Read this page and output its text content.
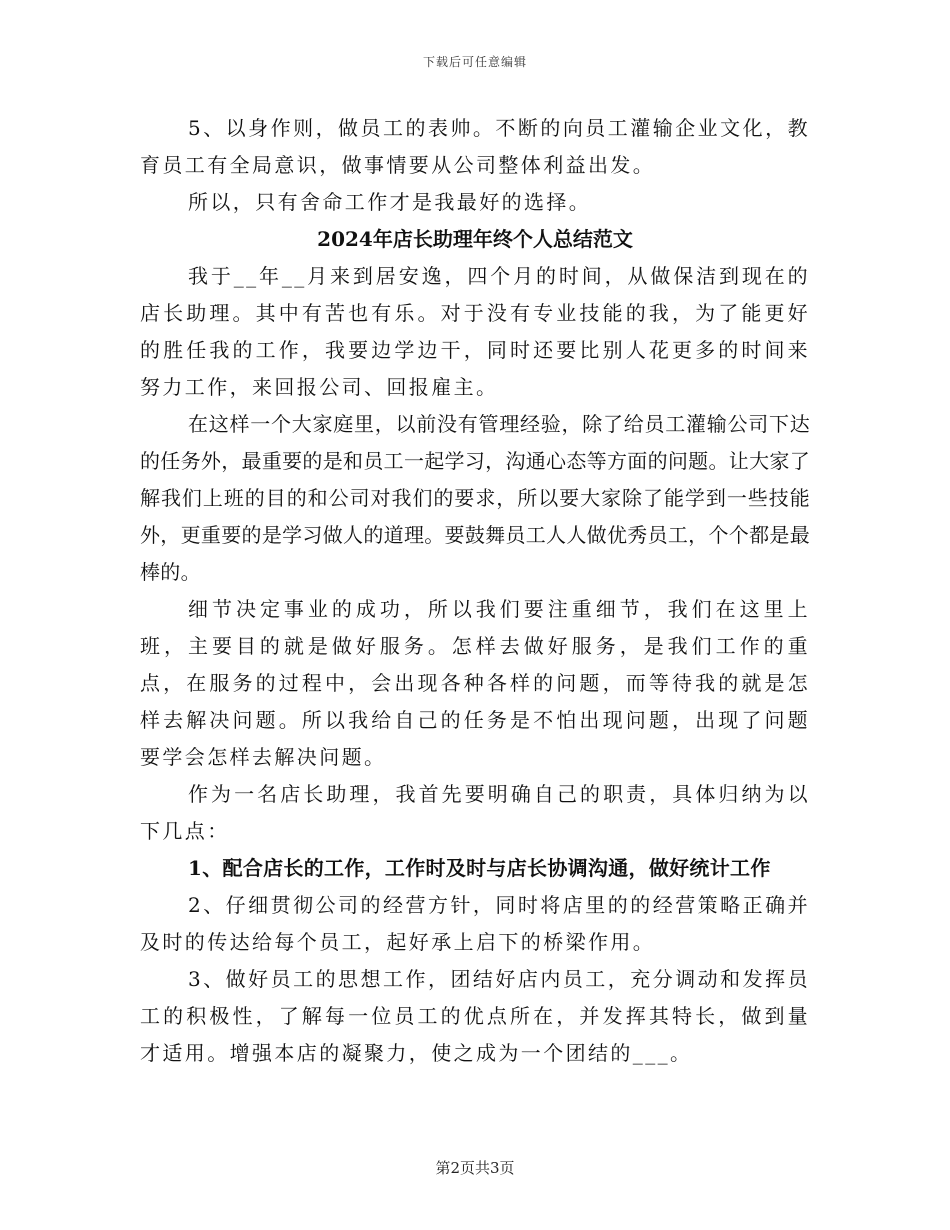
下载后可任意编辑

5、以身作则，做员工的表帅。不断的向员工灌输企业文化，教育员工有全局意识，做事情要从公司整体利益出发。

所以，只有舍命工作才是我最好的选择。

2024年店长助理年终个人总结范文

我于__年__月来到居安逸，四个月的时间，从做保洁到现在的店长助理。其中有苦也有乐。对于没有专业技能的我，为了能更好的胜任我的工作，我要边学边干，同时还要比别人花更多的时间来努力工作，来回报公司、回报雇主。

在这样一个大家庭里，以前没有管理经验，除了给员工灌输公司下达的任务外，最重要的是和员工一起学习，沟通心态等方面的问题。让大家了解我们上班的目的和公司对我们的要求，所以要大家除了能学到一些技能外，更重要的是学习做人的道理。要鼓舞员工人人做优秀员工，个个都是最棒的。

细节决定事业的成功，所以我们要注重细节，我们在这里上班，主要目的就是做好服务。怎样去做好服务，是我们工作的重点，在服务的过程中，会出现各种各样的问题，而等待我的就是怎样去解决问题。所以我给自己的任务是不怕出现问题，出现了问题要学会怎样去解决问题。

作为一名店长助理，我首先要明确自己的职责，具体归纳为以下几点：

1、配合店长的工作，工作时及时与店长协调沟通，做好统计工作

2、仔细贯彻公司的经营方针，同时将店里的的经营策略正确并及时的传达给每个员工，起好承上启下的桥梁作用。

3、做好员工的思想工作，团结好店内员工，充分调动和发挥员工的积极性，了解每一位员工的优点所在，并发挥其特长，做到量才适用。增强本店的凝聚力，使之成为一个团结的___。

第2页共3页
